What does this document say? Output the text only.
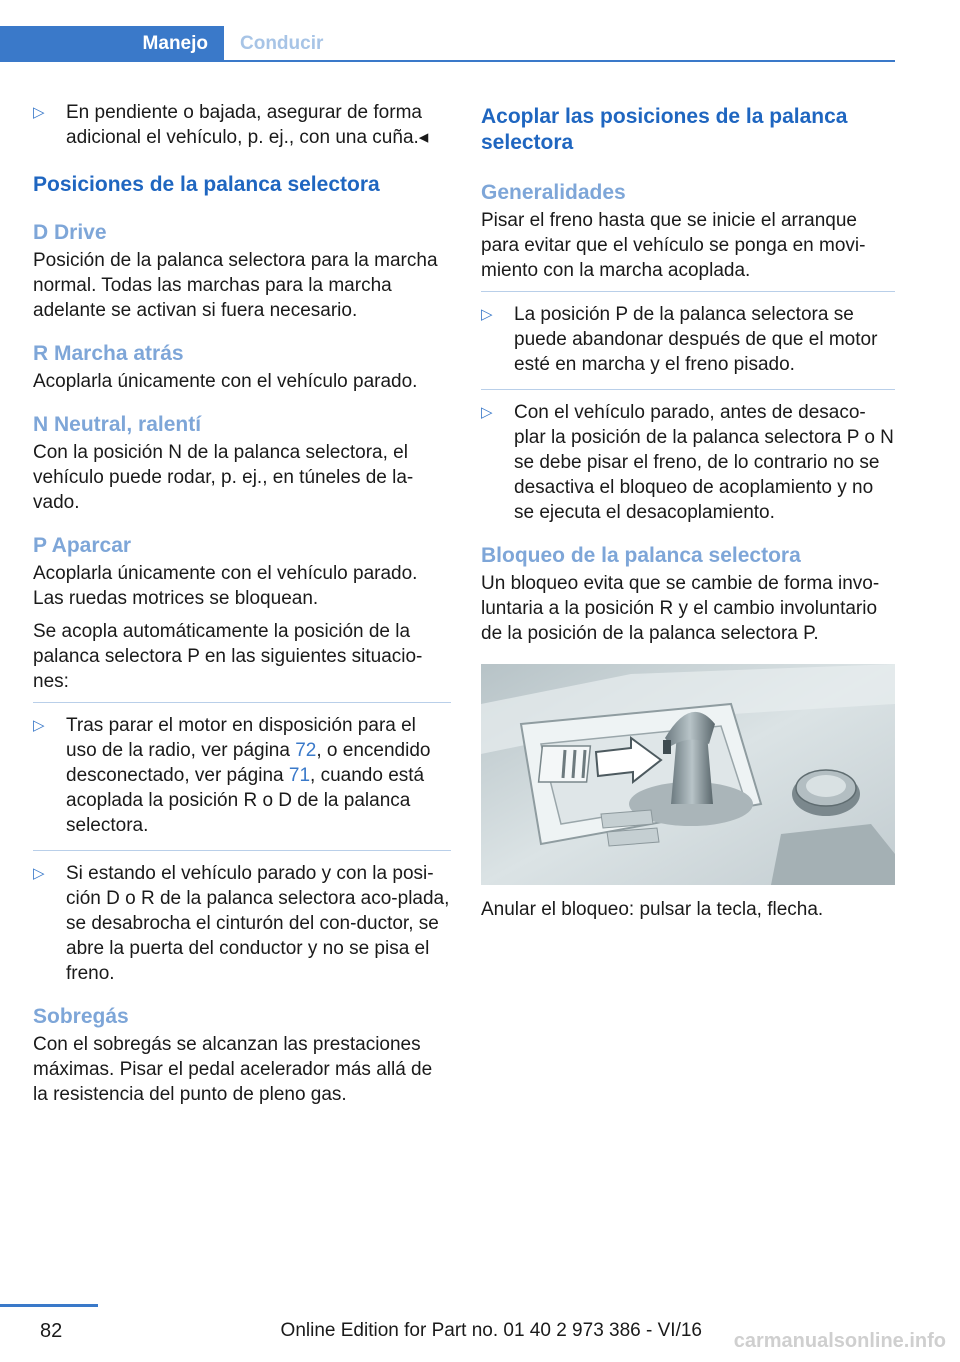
Manejo	Conducir
▷ En pendiente o bajada, asegurar de forma adicional el vehículo, p. ej., con una cuña.◂

Posiciones de la palanca selectora
D Drive

Posición de la palanca selectora para la marcha normal. Todas las marchas para la marcha adelante se activan si fuera necesario.

R Marcha atrás

Acoplarla únicamente con el vehículo parado.

N Neutral, ralentí

Con la posición N de la palanca selectora, el vehículo puede rodar, p. ej., en túneles de la-vado.

P Aparcar

Acoplarla únicamente con el vehículo parado. Las ruedas motrices se bloquean.

Se acopla automáticamente la posición de la palanca selectora P en las siguientes situacio-nes:

▷ Tras parar el motor en disposición para el uso de la radio, ver página 72, o encendido desconectado, ver página 71, cuando está acoplada la posición R o D de la palanca selectora.

▷ Si estando el vehículo parado y con la posi-ción D o R de la palanca selectora aco-plada, se desabrocha el cinturón del con-ductor, se abre la puerta del conductor y no se pisa el freno.

Sobregás

Con el sobregás se alcanzan las prestaciones máximas. Pisar el pedal acelerador más allá de la resistencia del punto de pleno gas.

Acoplar las posiciones de la palanca selectora
Generalidades

Pisar el freno hasta que se inicie el arranque para evitar que el vehículo se ponga en movi-miento con la marcha acoplada.

▷ La posición P de la palanca selectora se puede abandonar después de que el motor esté en marcha y el freno pisado.

▷ Con el vehículo parado, antes de desaco-plar la posición de la palanca selectora P o N se debe pisar el freno, de lo contrario no se desactiva el bloqueo de acoplamiento y no se ejecuta el desacoplamiento.

Bloqueo de la palanca selectora

Un bloqueo evita que se cambie de forma invo-luntaria a la posición R y el cambio involuntario de la posición de la palanca selectora P.

Anular el bloqueo: pulsar la tecla, flecha.

82	Online Edition for Part no. 01 40 2 973 386 - VI/16 carmanualsonline.info
